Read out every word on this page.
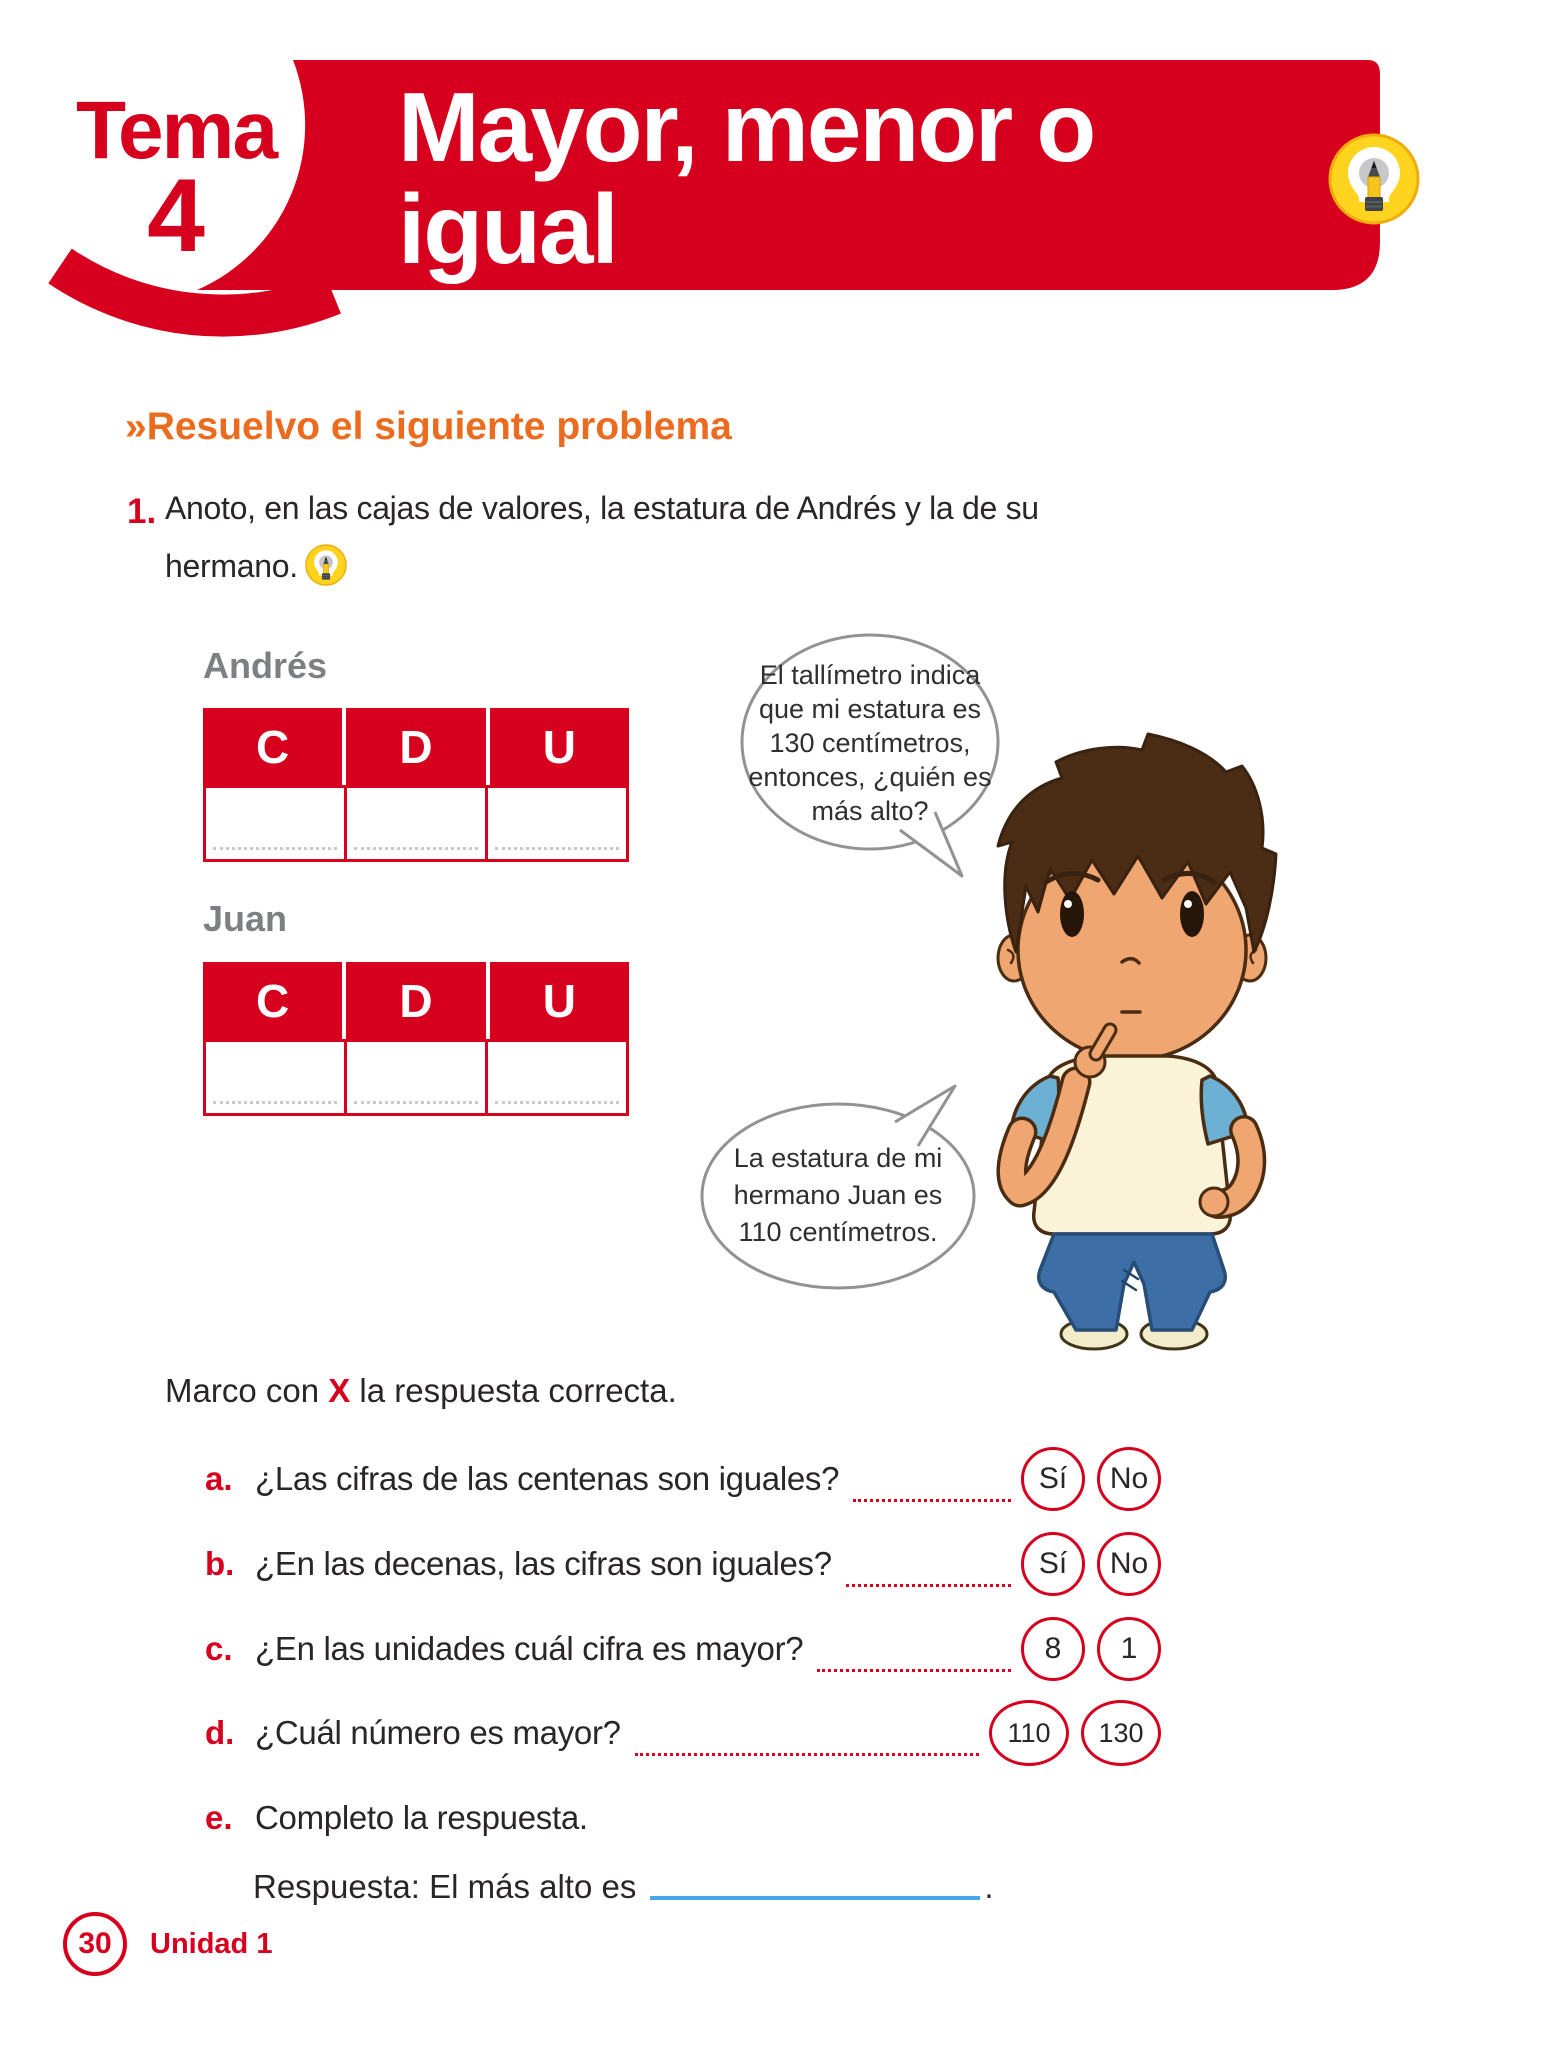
Tema
4
Mayor, menor o
igual
»Resuelvo el siguiente problema
1. Anoto, en las cajas de valores, la estatura de Andrés y la de su
hermano.
Andrés
C	D	U
Juan
C	D	U
El tallímetro indica
que mi estatura es
130 centímetros,
entonces, ¿quién es
más alto?
La estatura de mi
hermano Juan es
110 centímetros.
Marco con X la respuesta correcta.
a. ¿Las cifras de las centenas son iguales?	Sí	No
b. ¿En las decenas, las cifras son iguales?	Sí	No
c. ¿En las unidades cuál cifra es mayor?	8	1
d. ¿Cuál número es mayor?	110	130
e. Completo la respuesta.
Respuesta: El más alto es	.
30 Unidad 1
